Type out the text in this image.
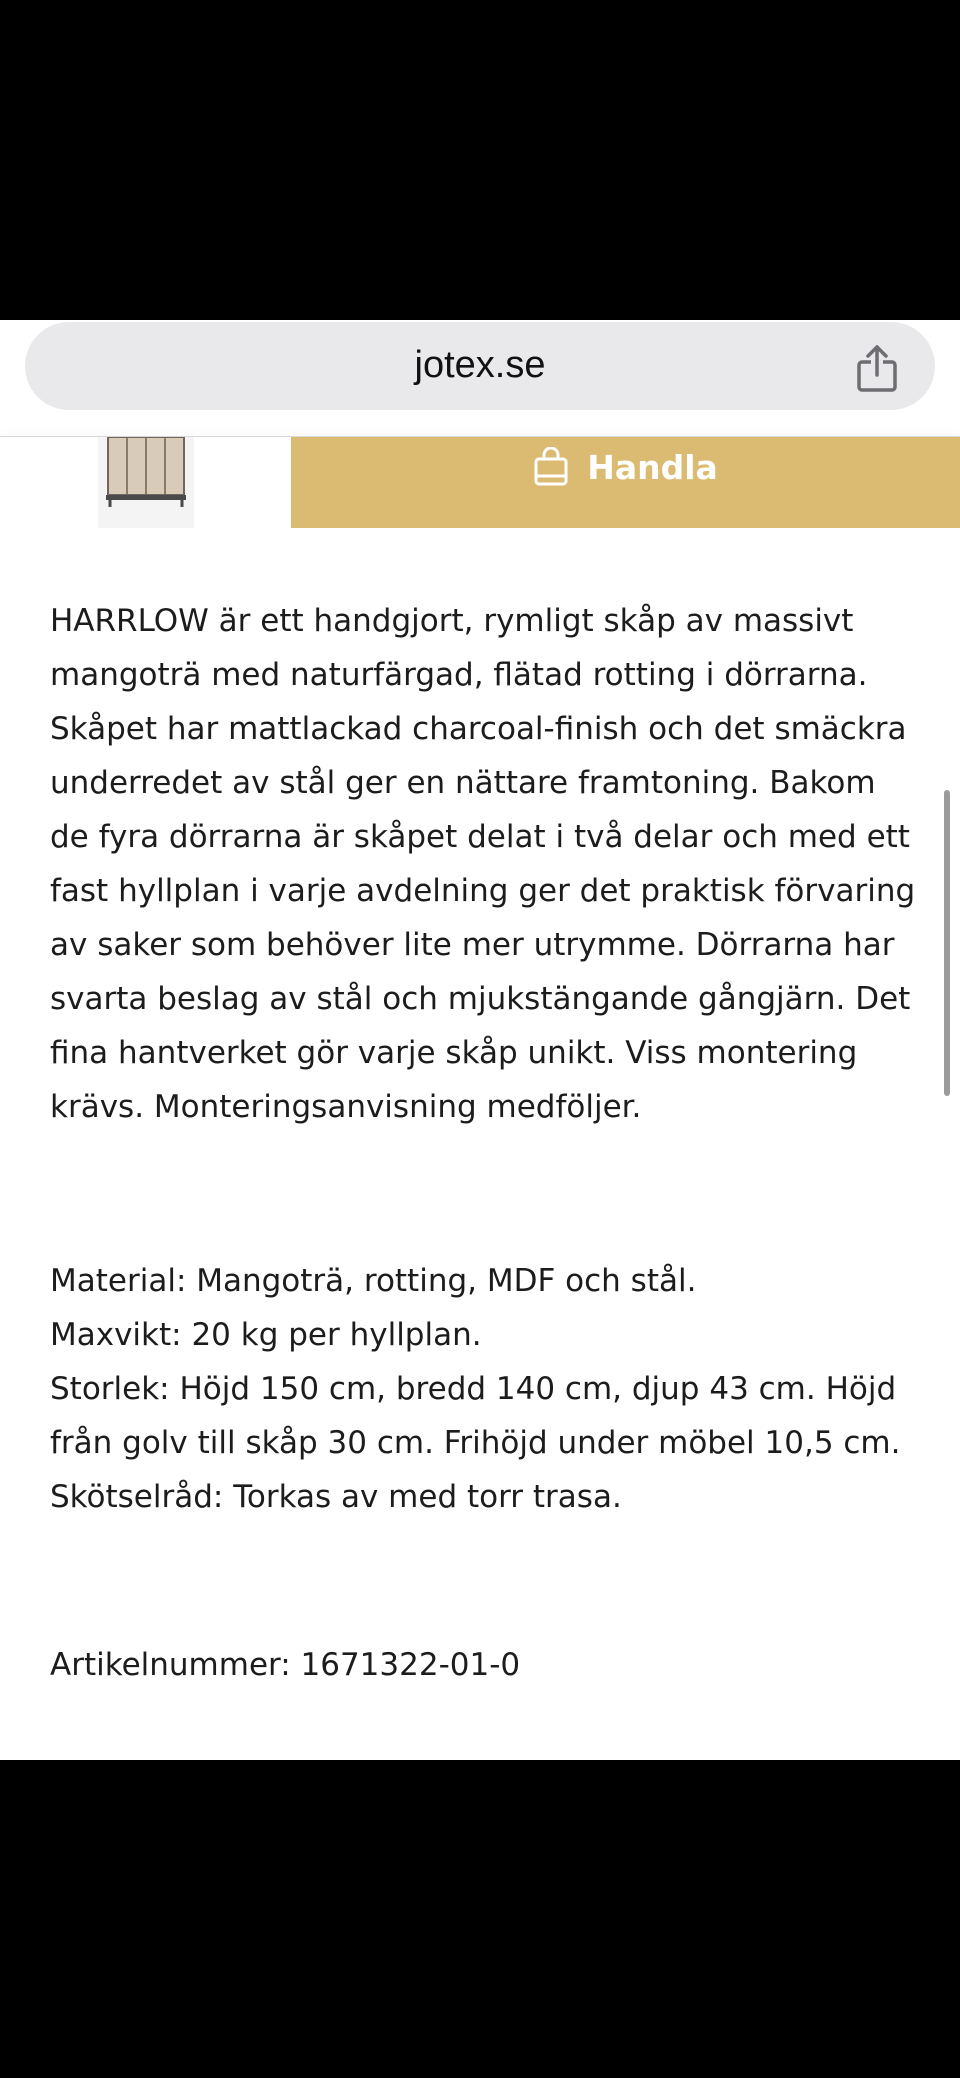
jotex.se
Handla

HARRLOW är ett handgjort, rymligt skåp av massivt mangoträ med naturfärgad, flätad rotting i dörrarna. Skåpet har mattlackad charcoal-finish och det smäckra underredet av stål ger en nättare framtoning. Bakom de fyra dörrarna är skåpet delat i två delar och med ett fast hyllplan i varje avdelning ger det praktisk förvaring av saker som behöver lite mer utrymme. Dörrarna har svarta beslag av stål och mjukstängande gångjärn. Det fina hantverket gör varje skåp unikt. Viss montering krävs. Monteringsanvisning medföljer.

Material: Mangoträ, rotting, MDF och stål.
Maxvikt: 20 kg per hyllplan.
Storlek: Höjd 150 cm, bredd 140 cm, djup 43 cm. Höjd från golv till skåp 30 cm. Frihöjd under möbel 10,5 cm.
Skötselråd: Torkas av med torr trasa.
Artikelnummer: 1671322-01-0
